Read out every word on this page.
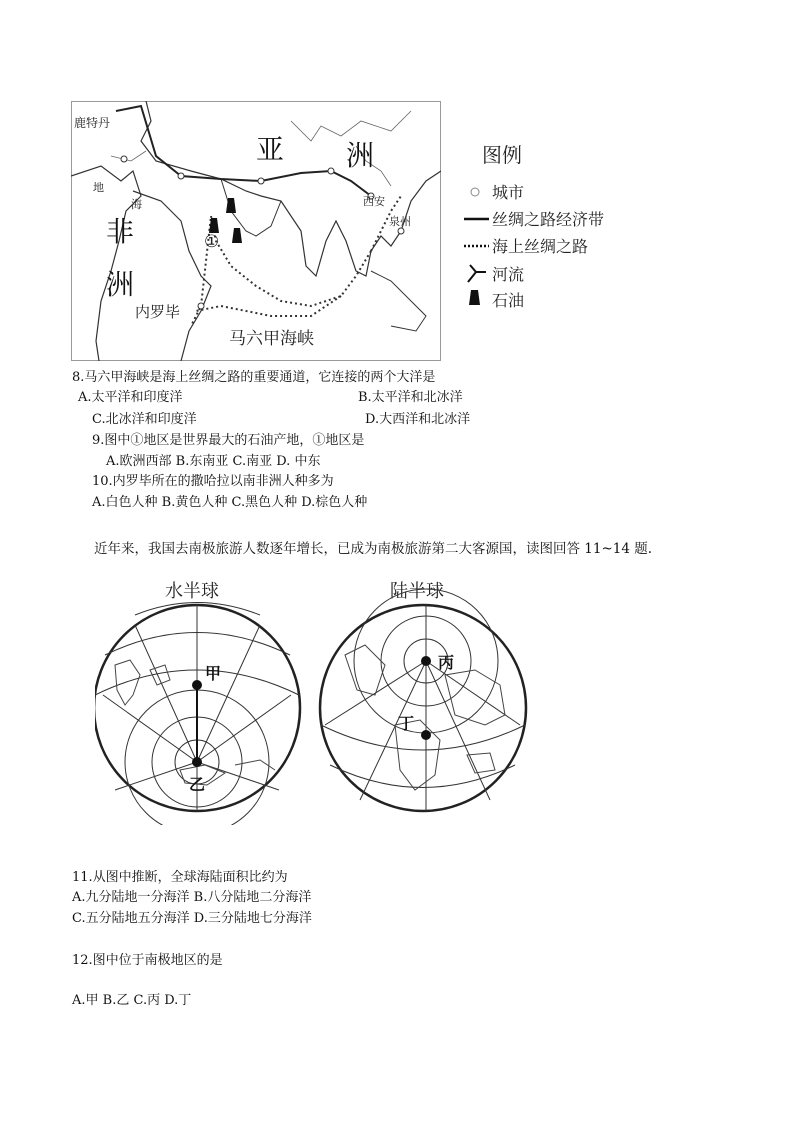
鹿特丹
地
海
亚 洲
非
洲
西安
泉州
内罗毕
马六甲海峡
①
图例
城市
丝绸之路经济带
海上丝绸之路
河流
石油
8.马六甲海峡是海上丝绸之路的重要通道，它连接的两个大洋是
A.太平洋和印度洋	B.太平洋和北冰洋
C.北冰洋和印度洋	D.大西洋和北冰洋
9.图中①地区是世界最大的石油产地，①地区是
A.欧洲西部 B.东南亚 C.南亚 D. 中东
10.内罗毕所在的撒哈拉以南非洲人种多为
A.白色人种 B.黄色人种 C.黑色人种 D.棕色人种
近年来，我国去南极旅游人数逐年增长，已成为南极旅游第二大客源国，读图回答 11~14 题.
水半球	陆半球
甲
乙
丙
丁
11.从图中推断，全球海陆面积比约为
A.九分陆地一分海洋 B.八分陆地二分海洋
C.五分陆地五分海洋 D.三分陆地七分海洋
12.图中位于南极地区的是
A.甲 B.乙 C.丙 D.丁
